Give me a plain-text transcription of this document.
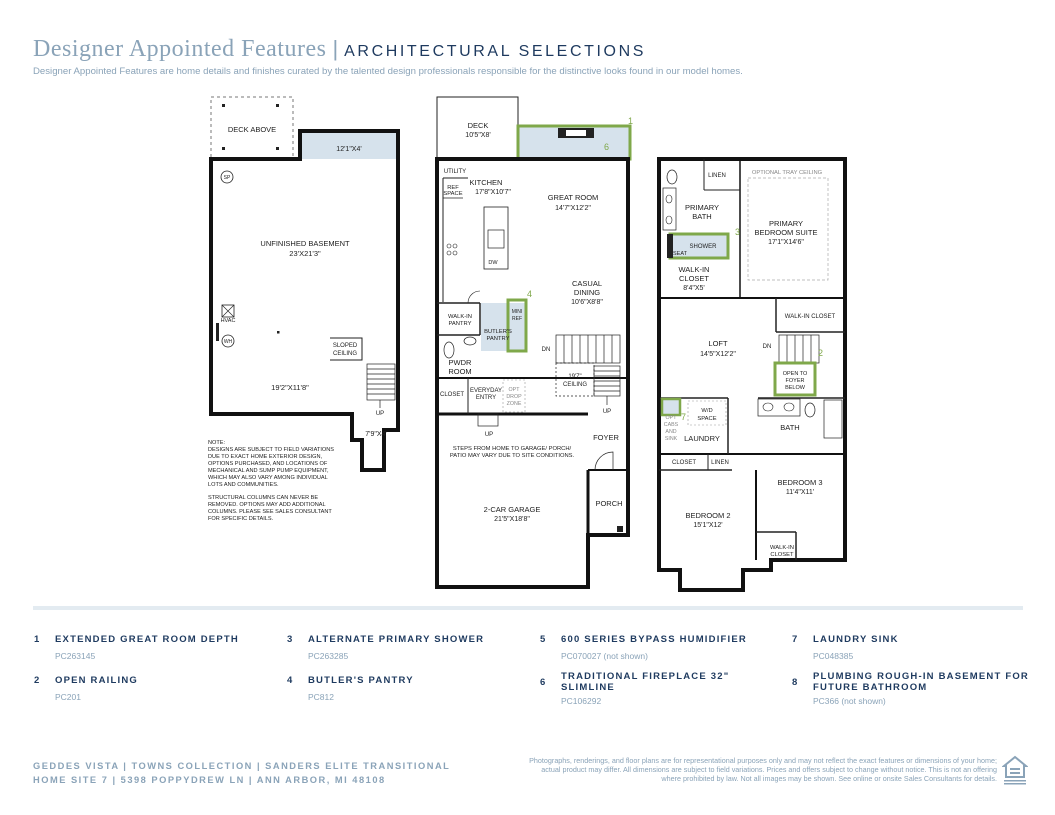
Designer Appointed Features | ARCHITECTURAL SELECTIONS
Designer Appointed Features are home details and finishes curated by the talented design professionals responsible for the distinctive looks found in our model homes.
DECK ABOVE
12'1"X4'
SP
UNFINISHED BASEMENT
23'X21'3"
HVAC
WH
SLOPED
CEILING
19'2"X11'8"
UP
7'9"X4'
NOTE:
DESIGNS ARE SUBJECT TO FIELD VARIATIONS
DUE TO EXACT HOME EXTERIOR DESIGN,
OPTIONS PURCHASED, AND LOCATIONS OF
MECHANICAL AND SUMP PUMP EQUIPMENT,
WHICH MAY ALSO VARY AMONG INDIVIDUAL
LOTS AND COMMUNITIES.
STRUCTURAL COLUMNS CAN NEVER BE
REMOVED. OPTIONS MAY ADD ADDITIONAL
COLUMNS. PLEASE SEE SALES CONSULTANT
FOR SPECIFIC DETAILS.
DECK
10'5"X8'
1
6
UTILITY
REF
SPACE
KITCHEN
17'8"X10'7"
GREAT ROOM
14'7"X12'2"
DW
CASUAL
DINING
10'6"X8'8"
WALK-IN
PANTRY
4
BUTLER'S
PANTRY
MINI
REF
DN
19'7"
CEILING
UP
PWDR
ROOM
CLOSET
EVERYDAY
ENTRY
OPT
DROP
ZONE
UP	FOYER
STEPS FROM HOME TO GARAGE/ PORCH/
PATIO MAY VARY DUE TO SITE CONDITIONS.
PORCH
2-CAR GARAGE
21'5"X18'8"
LINEN	OPTIONAL TRAY CEILING
PRIMARY
BEDROOM SUITE
17'1"X14'6"
PRIMARY
BATH
SHOWER
SEAT
3
WALK-IN
CLOSET
8'4"X5'
WALK-IN CLOSET
LOFT
14'5"X12'2"
DN
OPEN TO
FOYER
BELOW
2
7
OPT
CABS
AND
SINK
W/D
SPACE
LAUNDRY
BATH
CLOSET	LINEN
BEDROOM 2
15'1"X12'
BEDROOM 3
11'4"X11'
WALK-IN
CLOSET
1 EXTENDED GREAT ROOM DEPTH
PC263145
2 OPEN RAILING
PC201
3 ALTERNATE PRIMARY SHOWER
PC263285
4 BUTLER'S PANTRY
PC812
5 600 SERIES BYPASS HUMIDIFIER
PC070027 (not shown)
6
TRADITIONAL FIREPLACE 32" SLIMLINE
PC106292
7 LAUNDRY SINK
PC048385
8
PLUMBING ROUGH-IN BASEMENT FOR FUTURE BATHROOM
PC366 (not shown)
GEDDES VISTA | TOWNS COLLECTION | SANDERS ELITE TRANSITIONAL
HOME SITE 7 | 5398 POPPYDREW LN | ANN ARBOR, MI 48108
Photographs, renderings, and floor plans are for representational purposes only and may not reflect the exact features or dimensions of your home; actual product may differ. All dimensions are subject to field variations. Prices and offers subject to change without notice. This is not an offering where prohibited by law. Not all images may be shown. See online or onsite Sales Consultants for details.
